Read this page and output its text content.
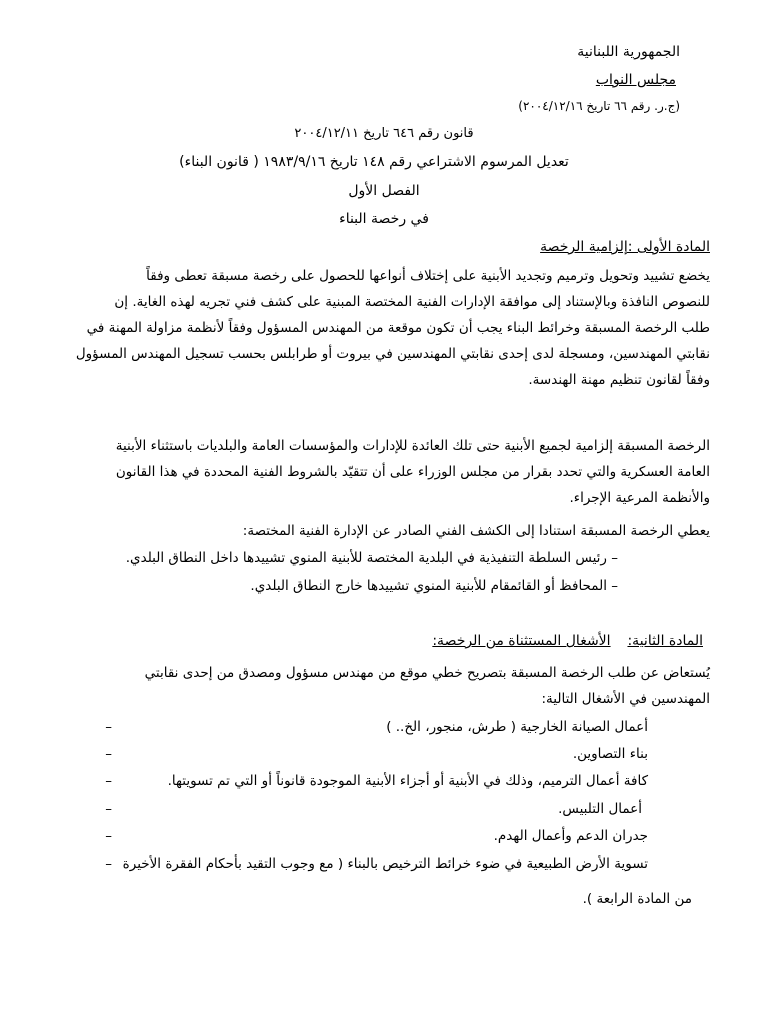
الجمهورية اللبنانية
مجلس النواب
(ج.ر. رقم ٦٦ تاريخ ٢٠٠٤/١٢/١٦)
قانون رقم ٦٤٦ تاريخ ٢٠٠٤/١٢/١١
تعديل المرسوم الاشتراعي رقم ١٤٨ تاريخ ١٩٨٣/٩/١٦ ( قانون البناء)
الفصل الأول
في رخصة البناء
المادة الأولى :إلزامية الرخصة
يخضع تشييد وتحويل وترميم وتجديد الأبنية على إختلاف أنواعها للحصول على رخصة مسبقة تعطى وفقاً
للنصوص النافذة وبالإستناد إلى موافقة الإدارات الفنية المختصة المبنية على كشف فني تجريه لهذه الغاية. إن
طلب الرخصة المسبقة وخرائط البناء يجب أن تكون موقعة من المهندس المسؤول وفقاً لأنظمة مزاولة المهنة في
نقابتي المهندسين، ومسجلة لدى إحدى نقابتي المهندسين في بيروت أو طرابلس بحسب تسجيل المهندس المسؤول
وفقاً لقانون تنظيم مهنة الهندسة.
الرخصة المسبقة إلزامية لجميع الأبنية حتى تلك العائدة للإدارات والمؤسسات العامة والبلديات باستثناء الأبنية
العامة العسكرية والتي تحدد بقرار من مجلس الوزراء على أن تتقيّد بالشروط الفنية المحددة في هذا القانون
والأنظمة المرعية الإجراء.
يعطي الرخصة المسبقة استنادا إلى الكشف الفني الصادر عن الإدارة الفنية المختصة:
– رئيس السلطة التنفيذية في البلدية المختصة للأبنية المنوي تشييدها داخل النطاق البلدي.
– المحافظ أو القائمقام للأبنية المنوي تشييدها خارج النطاق البلدي.
المادة الثانية:  الأشغال المستثناة من الرخصة:
يُستعاض عن طلب الرخصة المسبقة بتصريح خطي موقع من مهندس مسؤول ومصدق من إحدى نقابتي
المهندسين في الأشغال التالية:
أعمال الصيانة الخارجية ( طرش، منجور، الخ.. )
بناء التصاوين.
كافة أعمال الترميم، وذلك في الأبنية أو أجزاء الأبنية الموجودة قانوناً أو التي تم تسويتها.
أعمال التلبيس.
جدران الدعم وأعمال الهدم.
تسوية الأرض الطبيعية في ضوء خرائط الترخيص بالبناء ( مع وجوب التقيد بأحكام الفقرة الأخيرة
–
–
–
–
–
–
من المادة الرابعة ).
